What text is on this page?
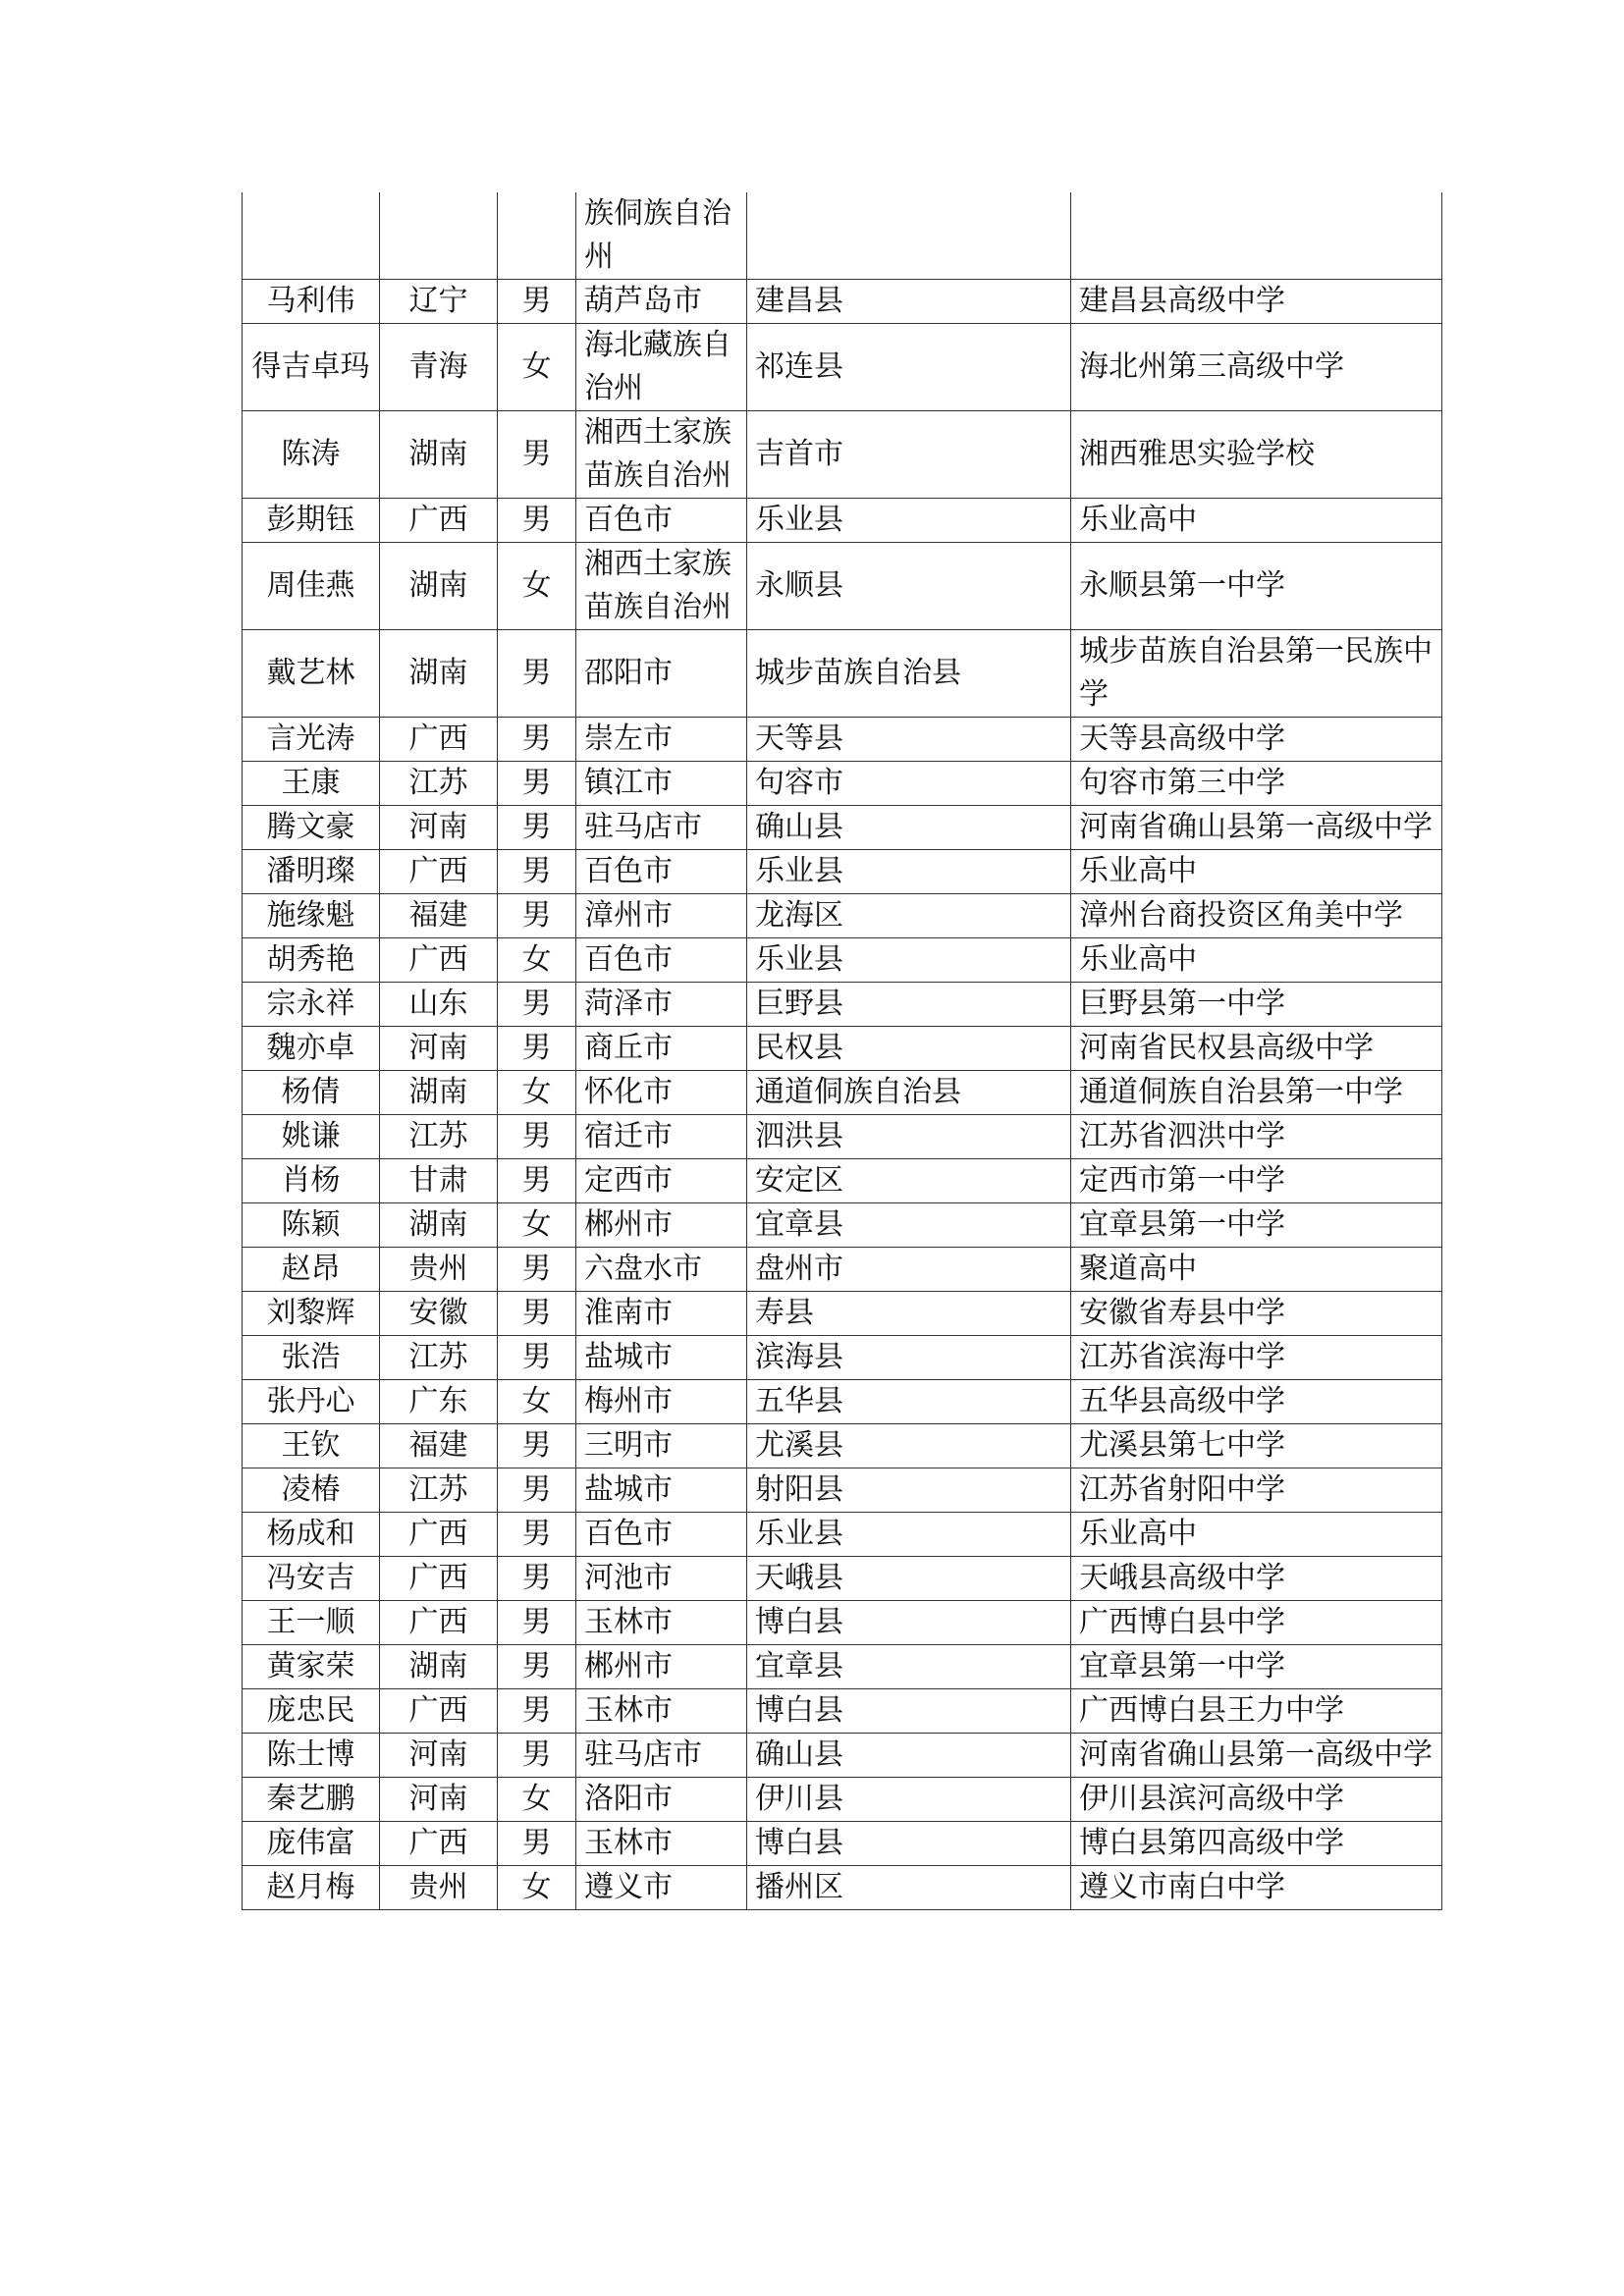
			族侗族自治州		
马利伟	辽宁	男	葫芦岛市	建昌县	建昌县高级中学
得吉卓玛	青海	女	海北藏族自治州	祁连县	海北州第三高级中学
陈涛	湖南	男	湘西土家族苗族自治州	吉首市	湘西雅思实验学校
彭期钰	广西	男	百色市	乐业县	乐业高中
周佳燕	湖南	女	湘西土家族苗族自治州	永顺县	永顺县第一中学
戴艺林	湖南	男	邵阳市	城步苗族自治县	城步苗族自治县第一民族中学
言光涛	广西	男	崇左市	天等县	天等县高级中学
王康	江苏	男	镇江市	句容市	句容市第三中学
腾文豪	河南	男	驻马店市	确山县	河南省确山县第一高级中学
潘明璨	广西	男	百色市	乐业县	乐业高中
施缘魁	福建	男	漳州市	龙海区	漳州台商投资区角美中学
胡秀艳	广西	女	百色市	乐业县	乐业高中
宗永祥	山东	男	菏泽市	巨野县	巨野县第一中学
魏亦卓	河南	男	商丘市	民权县	河南省民权县高级中学
杨倩	湖南	女	怀化市	通道侗族自治县	通道侗族自治县第一中学
姚谦	江苏	男	宿迁市	泗洪县	江苏省泗洪中学
肖杨	甘肃	男	定西市	安定区	定西市第一中学
陈颖	湖南	女	郴州市	宜章县	宜章县第一中学
赵昂	贵州	男	六盘水市	盘州市	聚道高中
刘黎辉	安徽	男	淮南市	寿县	安徽省寿县中学
张浩	江苏	男	盐城市	滨海县	江苏省滨海中学
张丹心	广东	女	梅州市	五华县	五华县高级中学
王钦	福建	男	三明市	尤溪县	尤溪县第七中学
凌椿	江苏	男	盐城市	射阳县	江苏省射阳中学
杨成和	广西	男	百色市	乐业县	乐业高中
冯安吉	广西	男	河池市	天峨县	天峨县高级中学
王一顺	广西	男	玉林市	博白县	广西博白县中学
黄家荣	湖南	男	郴州市	宜章县	宜章县第一中学
庞忠民	广西	男	玉林市	博白县	广西博白县王力中学
陈士博	河南	男	驻马店市	确山县	河南省确山县第一高级中学
秦艺鹏	河南	女	洛阳市	伊川县	伊川县滨河高级中学
庞伟富	广西	男	玉林市	博白县	博白县第四高级中学
赵月梅	贵州	女	遵义市	播州区	遵义市南白中学
